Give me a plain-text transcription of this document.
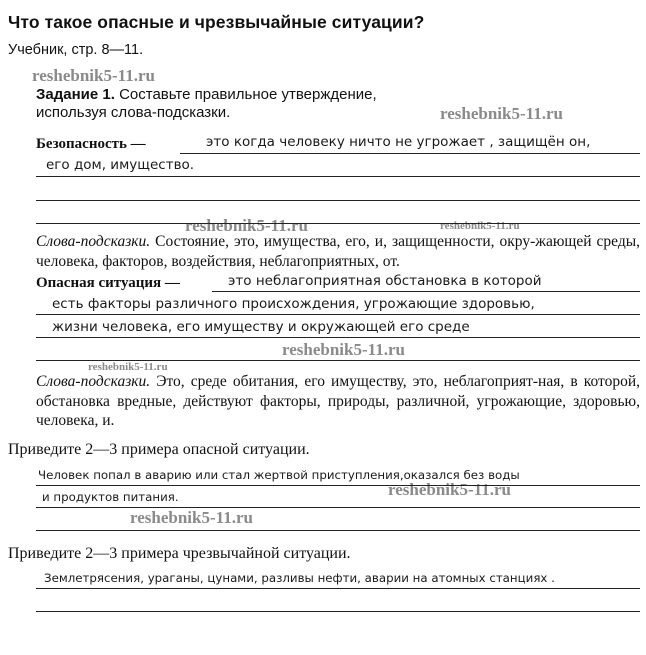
Что такое опасные и чрезвычайные ситуации?
Учебник, стр. 8—11.
reshebnik5-11.ru
reshebnik5-11.ru
reshebnik5-11.ru	reshebnik5-11.ru
reshebnik5-11.ru
reshebnik5-11.ru
reshebnik5-11.ru
reshebnik5-11.ru
Задание 1. Составьте правильное утверждение,
используя слова-подсказки.
Безопасность —	это когда человеку ничто не угрожает , защищён он,
его дом, имущество.
Слова-подсказки. Состояние, это, имущества, его, и, защищенности, окру-жающей среды, человека, факторов, воздействия, неблагоприятных, от.
Опасная ситуация —	это неблагоприятная обстановка в которой
есть факторы различного происхождения, угрожающие здоровью,
жизни человека, его имуществу и окружающей его среде
Слова-подсказки. Это, среде обитания, его имуществу, это, неблагоприят-ная, в которой, обстановка вредные, действуют факторы, природы, различной, угрожающие, здоровью, человека, и.
Приведите 2—3 примера опасной ситуации.
Человек попал в аварию или стал жертвой приступления,оказался без воды
и продуктов питания.
Приведите 2—3 примера чрезвычайной ситуации.
Землетрясения, ураганы, цунами, разливы нефти, аварии на атомных станциях .
